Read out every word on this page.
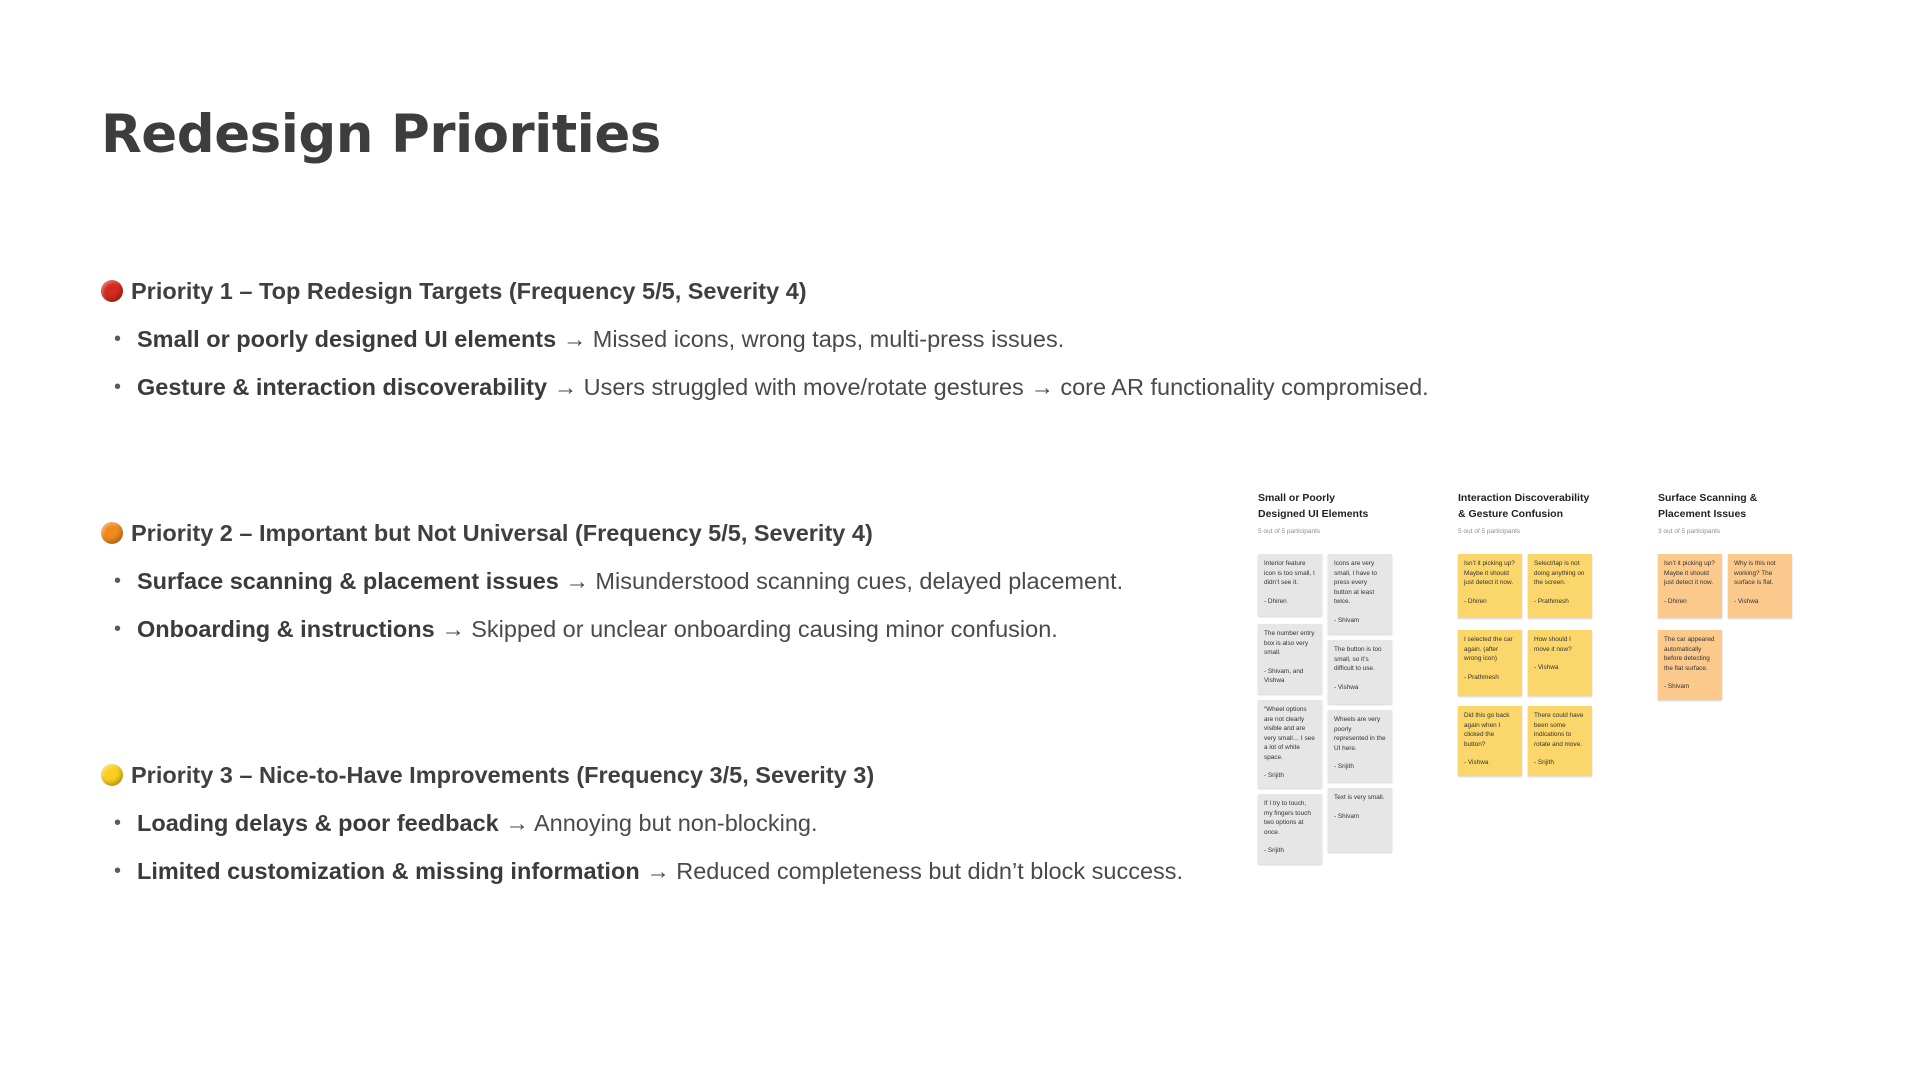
Redesign Priorities
Priority 1 – Top Redesign Targets (Frequency 5/5, Severity 4)
• Small or poorly designed UI elements → Missed icons, wrong taps, multi-press issues.
• Gesture & interaction discoverability → Users struggled with move/rotate gestures → core AR functionality compromised.
Priority 2 – Important but Not Universal (Frequency 5/5, Severity 4)
• Surface scanning & placement issues → Misunderstood scanning cues, delayed placement.
• Onboarding & instructions → Skipped or unclear onboarding causing minor confusion.
Priority 3 – Nice-to-Have Improvements (Frequency 3/5, Severity 3)
• Loading delays & poor feedback → Annoying but non-blocking.
• Limited customization & missing information → Reduced completeness but didn’t block success.
Small or Poorly
Designed UI Elements
5 out of 5 participants
Interior feature icon is too small, I didn’t see it.
- Dhiren
Icons are very small, I have to press every button at least twice.
- Shivam
The number entry box is also very small.
- Shivam, and Vishwa
The button is too small, so it’s difficult to use.
- Vishwa
“Wheel options are not clearly visible and are very small… I see a lot of white space.
- Srijith
Wheels are very poorly represented in the UI here.
- Srijith
If I try to touch, my fingers touch two options at once.
- Srijith
Text is very small.
- Shivam
Interaction Discoverability
& Gesture Confusion
5 out of 5 participants
Isn’t it picking up? Maybe it should just detect it now.
- Dhiren
Select/tap is not doing anything on the screen.
- Prathmesh
I selected the car again. (after wrong icon)
- Prathmesh
How should I move it now?
- Vishwa
Did this go back again when I clicked the button?
- Vishwa
There could have been some indications to rotate and move.
- Srijith
Surface Scanning &
Placement Issues
3 out of 5 participants
Isn’t it picking up? Maybe it should just detect it now.
- Dhiren
Why is this not working? The surface is flat.
- Vishwa
The car appeared automatically before detecting the flat surface.
- Shivam
